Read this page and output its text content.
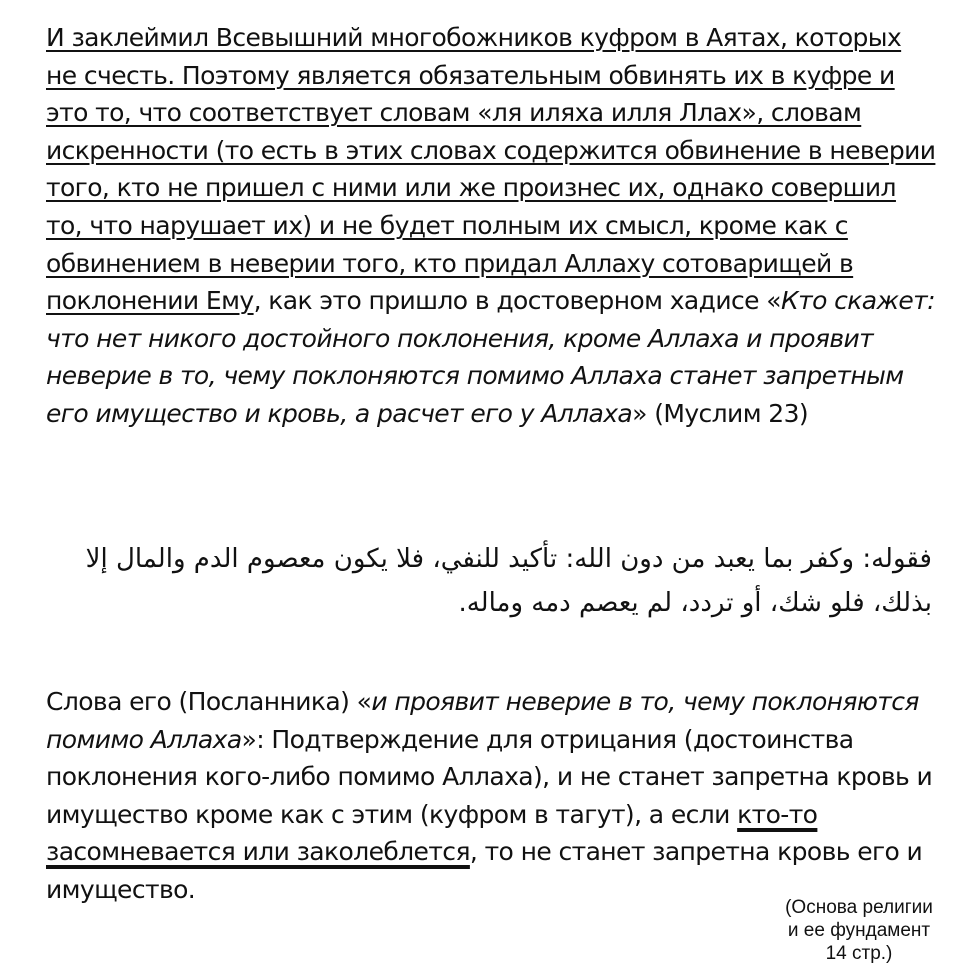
И заклеймил Всевышний многобожников куфром в Аятах, которых не счесть. Поэтому является обязательным обвинять их в куфре и это то, что соответствует словам «ля иляха илля Ллах», словам искренности (то есть в этих словах содержится обвинение в неверии того, кто не пришел с ними или же произнес их, однако совершил то, что нарушает их) и не будет полным их смысл, кроме как с обвинением в неверии того, кто придал Аллаху сотоварищей в поклонении Ему, как это пришло в достоверном хадисе «Кто скажет: что нет никого достойного поклонения, кроме Аллаха и проявит неверие в то, чему поклоняются помимо Аллаха станет запретным его имущество и кровь, а расчет его у Аллаха» (Муслим 23)

فقوله: وكفر بما يعبد من دون الله: تأكيد للنفي، فلا يكون معصوم الدم والمال إلا بذلك، فلو شك، أو تردد، لم يعصم دمه وماله.

Слова его (Посланника) «и проявит неверие в то, чему поклоняются помимо Аллаха»: Подтверждение для отрицания (достоинства поклонения кого-либо помимо Аллаха), и не станет запретна кровь и имущество кроме как с этим (куфром в тагут), а если кто-то засомневается или заколеблется, то не станет запретна кровь его и имущество.

(Основа религии
и ее фундамент
14 стр.)
